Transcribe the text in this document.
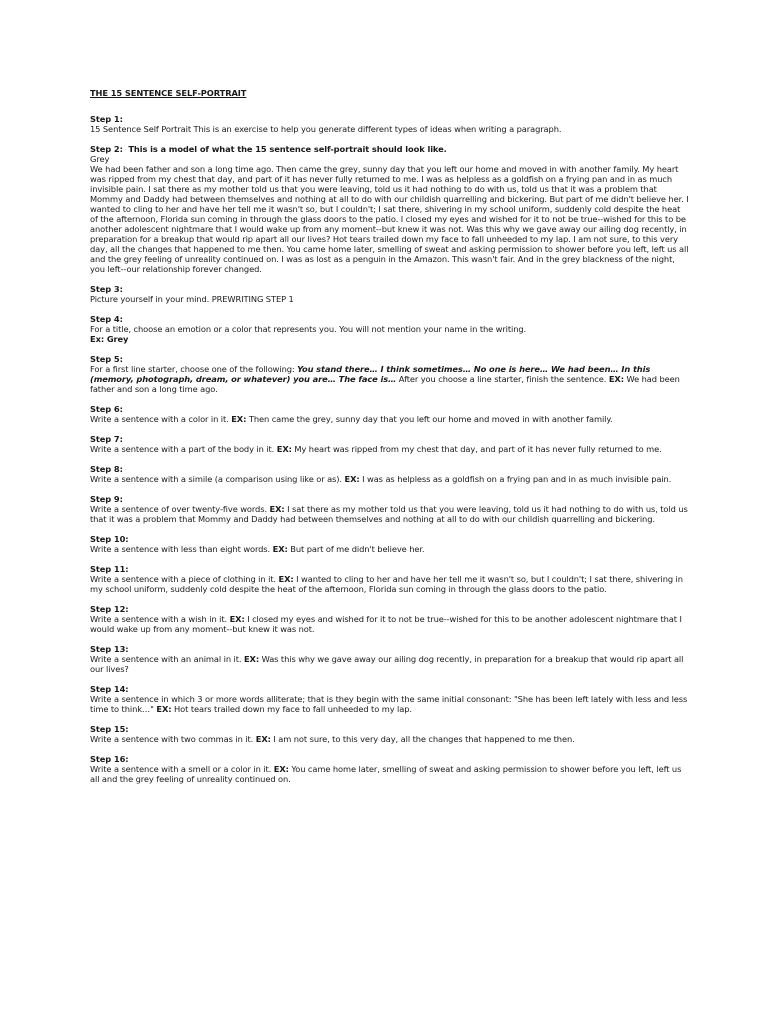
THE 15 SENTENCE SELF-PORTRAIT
Step 1:
15 Sentence Self Portrait This is an exercise to help you generate different types of ideas when writing a paragraph.
Step 2: This is a model of what the 15 sentence self-portrait should look like.
Grey
We had been father and son a long time ago. Then came the grey, sunny day that you left our home and moved in with another family. My heart was ripped from my chest that day, and part of it has never fully returned to me. I was as helpless as a goldfish on a frying pan and in as much invisible pain. I sat there as my mother told us that you were leaving, told us it had nothing to do with us, told us that it was a problem that Mommy and Daddy had between themselves and nothing at all to do with our childish quarrelling and bickering. But part of me didn't believe her. I wanted to cling to her and have her tell me it wasn't so, but I couldn't; I sat there, shivering in my school uniform, suddenly cold despite the heat of the afternoon, Florida sun coming in through the glass doors to the patio. I closed my eyes and wished for it to not be true--wished for this to be another adolescent nightmare that I would wake up from any moment--but knew it was not. Was this why we gave away our ailing dog recently, in preparation for a breakup that would rip apart all our lives? Hot tears trailed down my face to fall unheeded to my lap. I am not sure, to this very day, all the changes that happened to me then. You came home later, smelling of sweat and asking permission to shower before you left, left us all and the grey feeling of unreality continued on. I was as lost as a penguin in the Amazon. This wasn't fair. And in the grey blackness of the night, you left--our relationship forever changed.
Step 3:
Picture yourself in your mind. PREWRITING STEP 1
Step 4:
For a title, choose an emotion or a color that represents you. You will not mention your name in the writing.
Ex: Grey
Step 5:
For a first line starter, choose one of the following: You stand there… I think sometimes… No one is here… We had been… In this (memory, photograph, dream, or whatever) you are… The face is… After you choose a line starter, finish the sentence. EX: We had been father and son a long time ago.
Step 6:
Write a sentence with a color in it. EX: Then came the grey, sunny day that you left our home and moved in with another family.
Step 7:
Write a sentence with a part of the body in it. EX: My heart was ripped from my chest that day, and part of it has never fully returned to me.
Step 8:
Write a sentence with a simile (a comparison using like or as). EX: I was as helpless as a goldfish on a frying pan and in as much invisible pain.
Step 9:
Write a sentence of over twenty-five words. EX: I sat there as my mother told us that you were leaving, told us it had nothing to do with us, told us that it was a problem that Mommy and Daddy had between themselves and nothing at all to do with our childish quarrelling and bickering.
Step 10:
Write a sentence with less than eight words. EX: But part of me didn't believe her.
Step 11:
Write a sentence with a piece of clothing in it. EX: I wanted to cling to her and have her tell me it wasn't so, but I couldn't; I sat there, shivering in my school uniform, suddenly cold despite the heat of the afternoon, Florida sun coming in through the glass doors to the patio.
Step 12:
Write a sentence with a wish in it. EX: I closed my eyes and wished for it to not be true--wished for this to be another adolescent nightmare that I would wake up from any moment--but knew it was not.
Step 13:
Write a sentence with an animal in it. EX: Was this why we gave away our ailing dog recently, in preparation for a breakup that would rip apart all our lives?
Step 14:
Write a sentence in which 3 or more words alliterate; that is they begin with the same initial consonant: "She has been left lately with less and less time to think…" EX: Hot tears trailed down my face to fall unheeded to my lap.
Step 15:
Write a sentence with two commas in it. EX: I am not sure, to this very day, all the changes that happened to me then.
Step 16:
Write a sentence with a smell or a color in it. EX: You came home later, smelling of sweat and asking permission to shower before you left, left us all and the grey feeling of unreality continued on.
